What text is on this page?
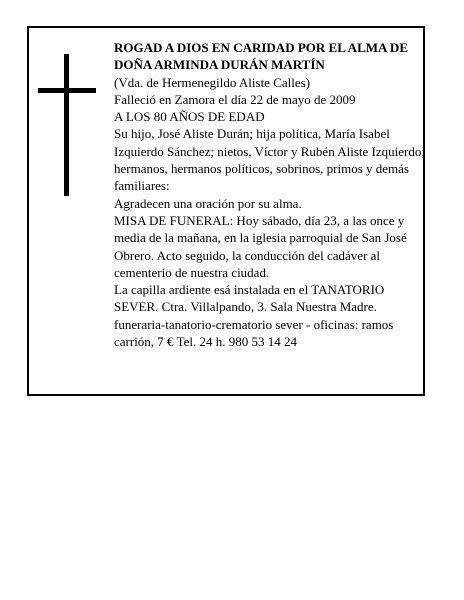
ROGAD A DIOS EN CARIDAD POR EL ALMA DE DOÑA ARMINDA DURÁN MARTÍN

(Vda. de Hermenegildo Aliste Calles)

Falleció en Zamora el día 22 de mayo de 2009

A LOS 80 AÑOS DE EDAD

Su hijo, José Aliste Durán; hija política, María Isabel Izquierdo Sánchez; nietos, Víctor y Rubén Aliste Izquierdo; hermanos, hermanos políticos, sobrinos, primos y demás familiares:

Agradecen una oración por su alma.

MISA DE FUNERAL: Hoy sábado, día 23, a las once y media de la mañana, en la iglesia parroquial de San José Obrero. Acto seguido, la conducción del cadáver al cementerio de nuestra ciudad.

La capilla ardiente esá instalada en el TANATORIO SEVER. Ctra. Villalpando, 3. Sala Nuestra Madre.

funeraria-tanatorio-crematorio sever - oficinas: ramos carrión, 7 € Tel. 24 h. 980 53 14 24
